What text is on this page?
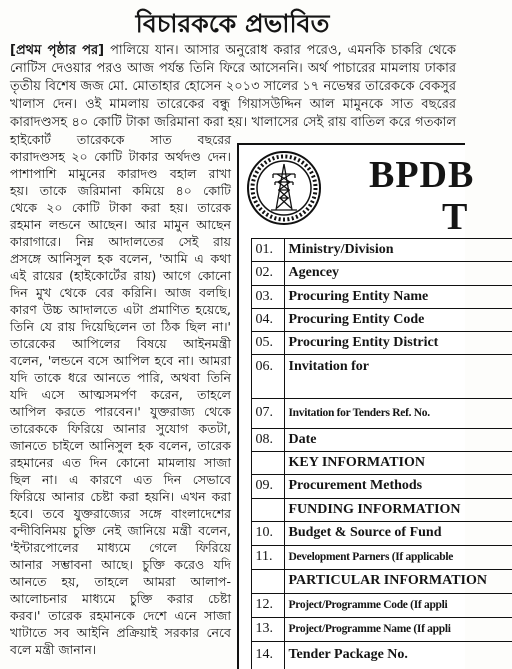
বিচারককে প্রভাবিত
[প্রথম পৃষ্ঠার পর] পালিয়ে যান। আসার অনুরোধ করার পরেও, এমনকি চাকরি থেকে
নোটিস দেওয়ার পরও আজ পর্যন্ত তিনি ফিরে আসেননি। অর্থ পাচারের মামলায় ঢাকার
তৃতীয় বিশেষ জজ মো. মোতাহার হোসেন ২০১৩ সালের ১৭ নভেম্বর তারেককে বেকসুর
খালাস দেন। ওই মামলায় তারেকের বন্ধু গিয়াসউদ্দিন আল মামুনকে সাত বছরের
কারাদণ্ডসহ ৪০ কোটি টাকা জরিমানা করা হয়। খালাসের সেই রায় বাতিল করে গতকাল
হাইকোর্ট তারেককে সাত বছরের
কারাদণ্ডসহ ২০ কোটি টাকার অর্থদণ্ড দেন।
পাশাপাশি মামুনের কারাদণ্ড বহাল রাখা
হয়। তাকে জরিমানা কমিয়ে ৪০ কোটি
থেকে ২০ কোটি টাকা করা হয়। তারেক
রহমান লন্ডনে আছেন। আর মামুন আছেন
কারাগারে। নিম্ন আদালতের সেই রায়
প্রসঙ্গে আনিসুল হক বলেন, 'আমি এ কথা
এই রায়ের (হাইকোর্টের রায়) আগে কোনো
দিন মুখ থেকে বের করিনি। আজ বলছি।
কারণ উচ্চ আদালতে এটা প্রমাণিত হয়েছে,
তিনি যে রায় দিয়েছিলেন তা ঠিক ছিল না।'
তারেকের আপিলের বিষয়ে আইনমন্ত্রী
বলেন, 'লন্ডনে বসে আপিল হবে না। আমরা
যদি তাকে ধরে আনতে পারি, অথবা তিনি
যদি এসে আত্মসমর্পণ করেন, তাহলে
আপিল করতে পারবেন।' যুক্তরাজ্য থেকে
তারেককে ফিরিয়ে আনার সুযোগ কতটা,
জানতে চাইলে আনিসুল হক বলেন, তারেক
রহমানের এত দিন কোনো মামলায় সাজা
ছিল না। এ কারণে এত দিন সেভাবে
ফিরিয়ে আনার চেষ্টা করা হয়নি। এখন করা
হবে। তবে যুক্তরাজ্যের সঙ্গে বাংলাদেশের
বন্দীবিনিময় চুক্তি নেই জানিয়ে মন্ত্রী বলেন,
'ইন্টারপোলের মাধ্যমে গেলে ফিরিয়ে
আনার সম্ভাবনা আছে। চুক্তি করেও যদি
আনতে হয়, তাহলে আমরা আলাপ-
আলোচনার মাধ্যমে চুক্তি করার চেষ্টা
করব।' তারেক রহমানকে দেশে এনে সাজা
খাটাতে সব আইনি প্রক্রিয়াই সরকার নেবে
বলে মন্ত্রী জানান।
BPDB
T
01.	Ministry/Division
02.	Agencey
03.	Procuring Entity Name
04.	Procuring Entity Code
05.	Procuring Entity District
06.	Invitation for
07.	Invitation for Tenders Ref. No.
08.	Date
KEY INFORMATION
09.	Procurement Methods
FUNDING INFORMATION
10.	Budget & Source of Fund
11.	Development Parners (If applicable
PARTICULAR INFORMATION
12.	Project/Programme Code (If appli
13.	Project/Programme Name (If appli
14.	Tender Package No.
